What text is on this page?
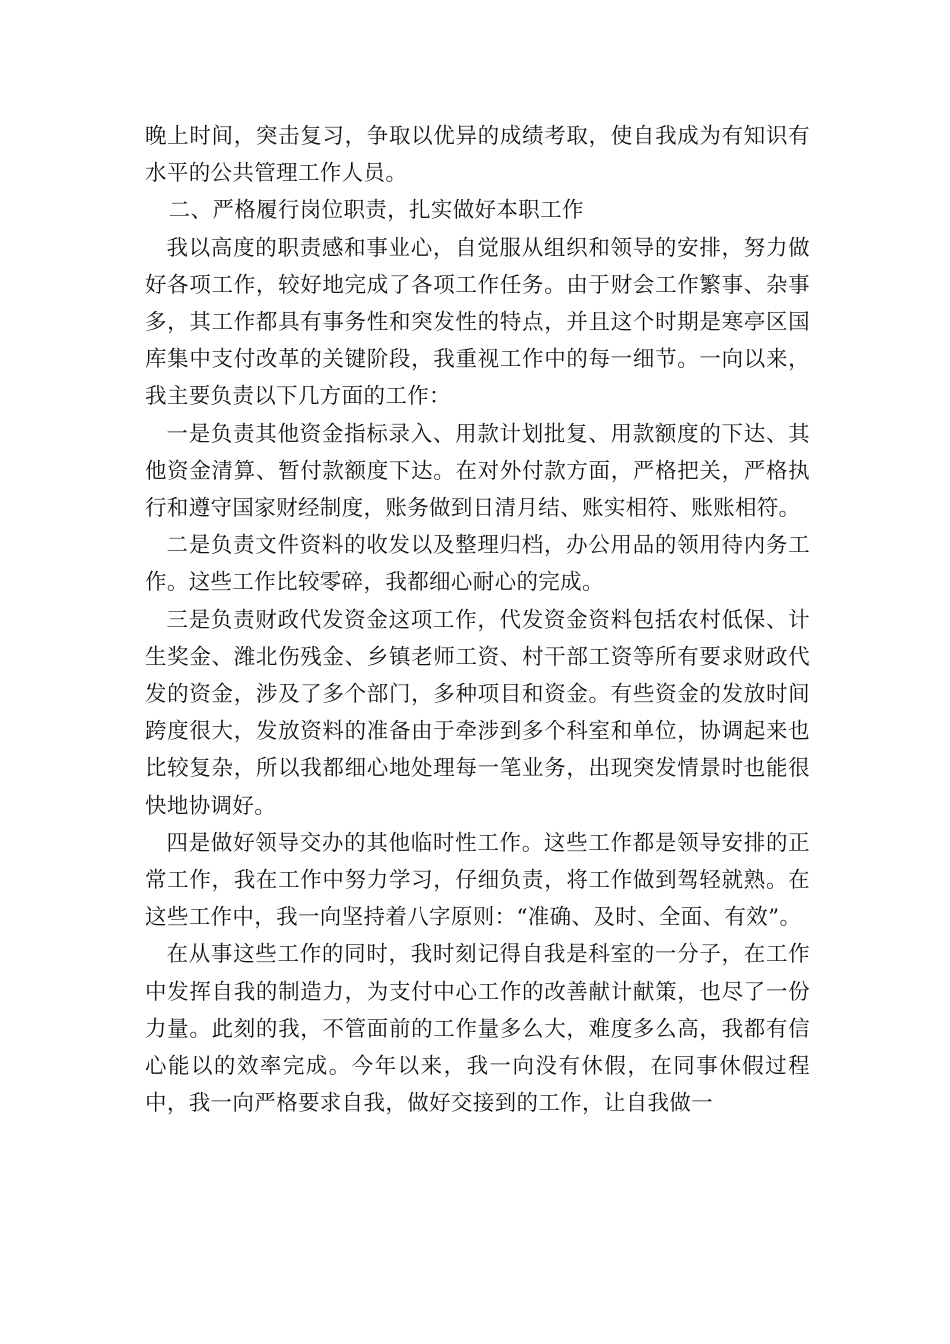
晚上时间，突击复习，争取以优异的成绩考取，使自我成为有知识有水平的公共管理工作人员。

二、严格履行岗位职责，扎实做好本职工作

我以高度的职责感和事业心，自觉服从组织和领导的安排，努力做好各项工作，较好地完成了各项工作任务。由于财会工作繁事、杂事多，其工作都具有事务性和突发性的特点，并且这个时期是寒亭区国库集中支付改革的关键阶段，我重视工作中的每一细节。一向以来，我主要负责以下几方面的工作：

一是负责其他资金指标录入、用款计划批复、用款额度的下达、其他资金清算、暂付款额度下达。在对外付款方面，严格把关，严格执行和遵守国家财经制度，账务做到日清月结、账实相符、账账相符。

二是负责文件资料的收发以及整理归档，办公用品的领用待内务工作。这些工作比较零碎，我都细心耐心的完成。

三是负责财政代发资金这项工作，代发资金资料包括农村低保、计生奖金、潍北伤残金、乡镇老师工资、村干部工资等所有要求财政代发的资金，涉及了多个部门，多种项目和资金。有些资金的发放时间跨度很大，发放资料的准备由于牵涉到多个科室和单位，协调起来也比较复杂，所以我都细心地处理每一笔业务，出现突发情景时也能很快地协调好。

四是做好领导交办的其他临时性工作。这些工作都是领导安排的正常工作，我在工作中努力学习，仔细负责，将工作做到驾轻就熟。在这些工作中，我一向坚持着八字原则：“准确、及时、全面、有效”。

在从事这些工作的同时，我时刻记得自我是科室的一分子，在工作中发挥自我的制造力，为支付中心工作的改善献计献策，也尽了一份力量。此刻的我，不管面前的工作量多么大，难度多么高，我都有信心能以的效率完成。今年以来，我一向没有休假，在同事休假过程中，我一向严格要求自我，做好交接到的工作，让自我做一
